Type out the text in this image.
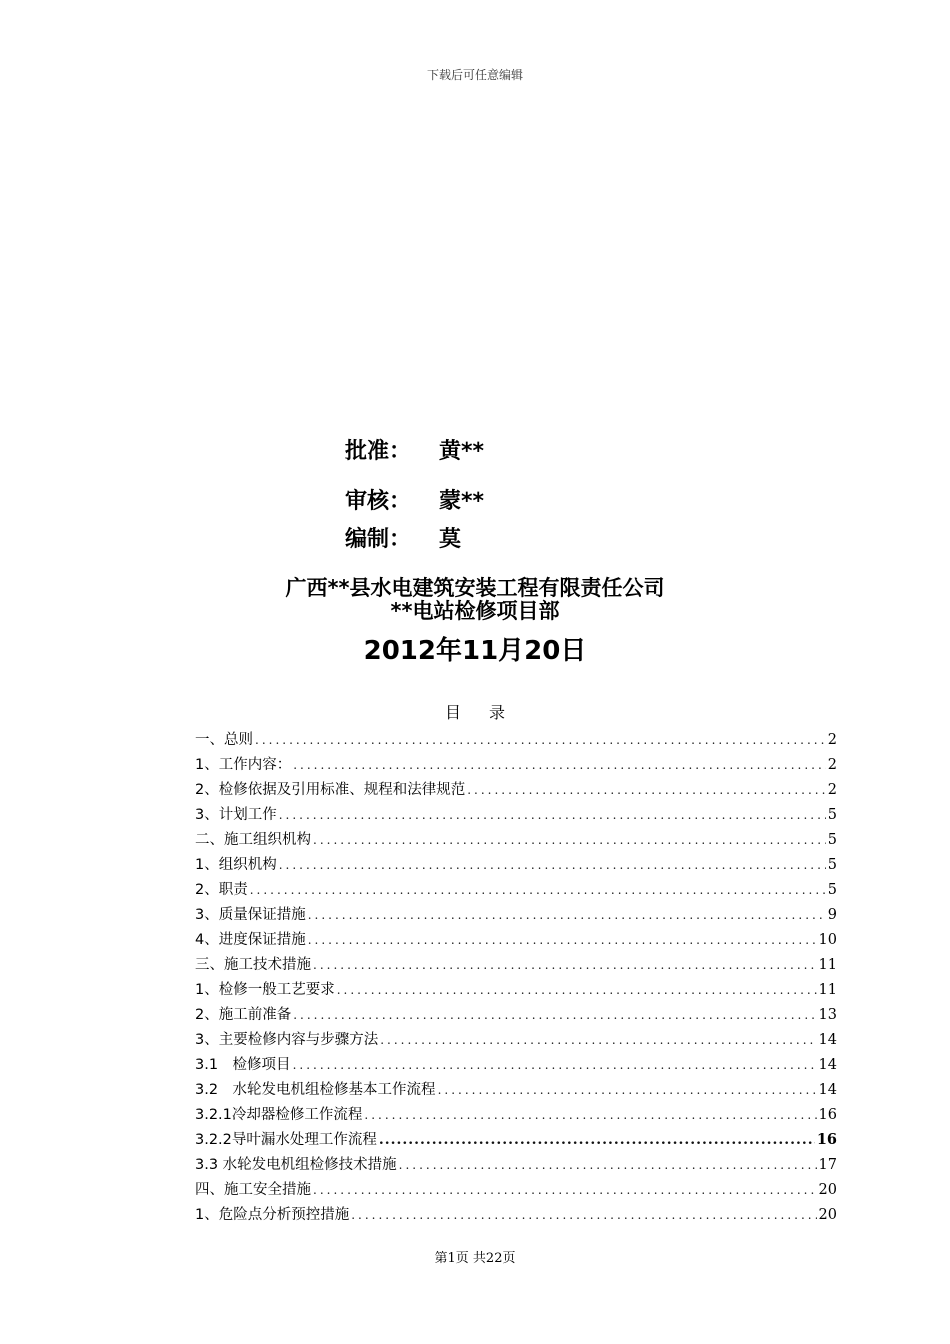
下载后可任意编辑
批准： 黄**
审核： 蒙**
编制： 莫
广西**县水电建筑安装工程有限责任公司
**电站检修项目部
2012年11月20日
目录
一、总则 .....	2
1、工作内容： .....	2
2、检修依据及引用标准、规程和法律规范 .....	2
3、计划工作 .....	5
二、施工组织机构 .....	5
1、组织机构 .....	5
2、职责 .....	5
3、质量保证措施 .....	9
4、进度保证措施 .....	10
三、施工技术措施 .....	11
1、检修一般工艺要求 .....	11
2、施工前准备 .....	13
3、主要检修内容与步骤方法 .....	14
3.1　检修项目 .....	14
3.2　水轮发电机组检修基本工作流程 .....	14
3.2.1冷却器检修工作流程 .....	16
3.2.2导叶漏水处理工作流程 .....	16
3.3 水轮发电机组检修技术措施 .....	17
四、施工安全措施 .....	20
1、危险点分析预控措施 .....	20
第1页 共22页
